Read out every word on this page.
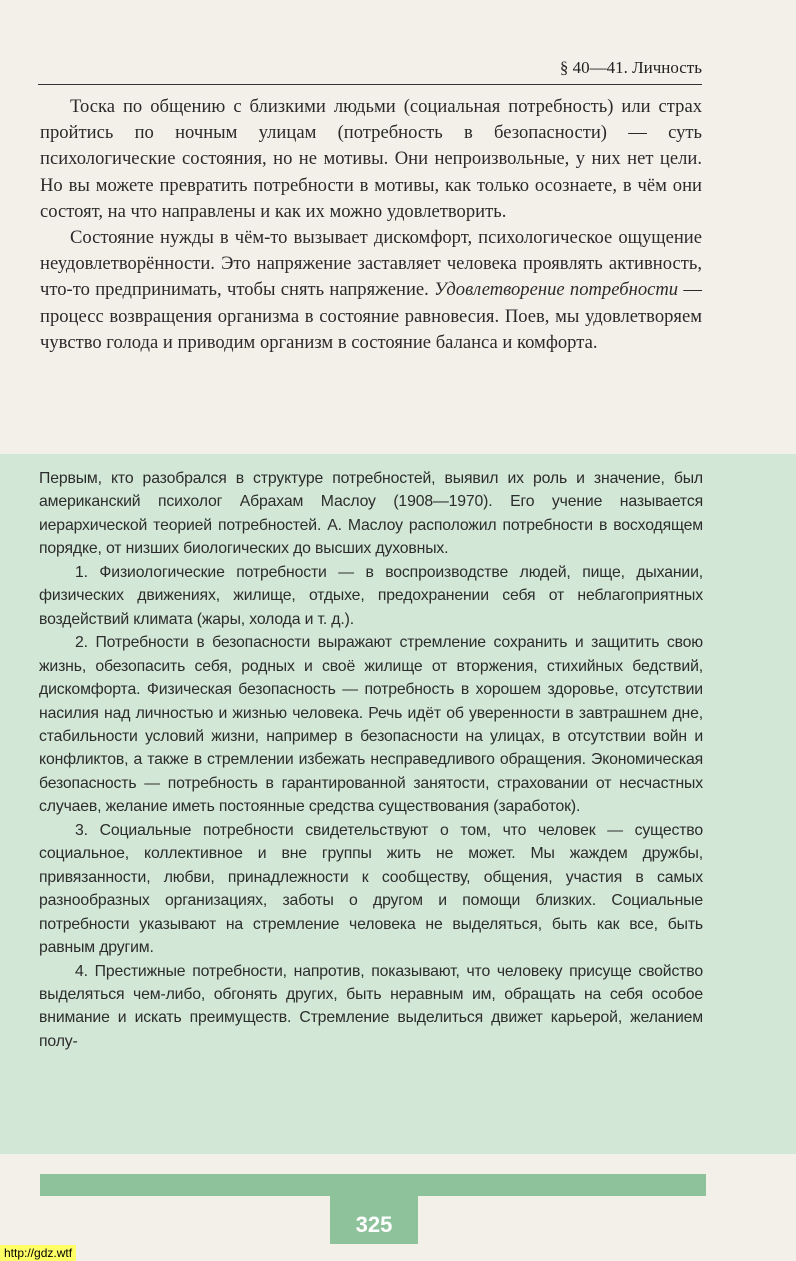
§ 40—41. Личность

Тоска по общению с близкими людьми (социальная потребность) или страх пройтись по ночным улицам (потребность в безопасности) — суть психологические состояния, но не мотивы. Они непроизвольные, у них нет цели. Но вы можете превратить потребности в мотивы, как только осознаете, в чём они состоят, на что направлены и как их можно удовлетворить.

Состояние нужды в чём-то вызывает дискомфорт, психологическое ощущение неудовлетворённости. Это напряжение заставляет человека проявлять активность, что-то предпринимать, чтобы снять напряжение. Удовлетворение потребности — процесс возвращения организма в состояние равновесия. Поев, мы удовлетворяем чувство голода и приводим организм в состояние баланса и комфорта.

Первым, кто разобрался в структуре потребностей, выявил их роль и значение, был американский психолог Абрахам Маслоу (1908—1970). Его учение называется иерархической теорией потребностей. А. Маслоу расположил потребности в восходящем порядке, от низших биологических до высших духовных.

1. Физиологические потребности — в воспроизводстве людей, пище, дыхании, физических движениях, жилище, отдыхе, предохранении себя от неблагоприятных воздействий климата (жары, холода и т. д.).

2. Потребности в безопасности выражают стремление сохранить и защитить свою жизнь, обезопасить себя, родных и своё жилище от вторжения, стихийных бедствий, дискомфорта. Физическая безопасность — потребность в хорошем здоровье, отсутствии насилия над личностью и жизнью человека. Речь идёт об уверенности в завтрашнем дне, стабильности условий жизни, например в безопасности на улицах, в отсутствии войн и конфликтов, а также в стремлении избежать несправедливого обращения. Экономическая безопасность — потребность в гарантированной занятости, страховании от несчастных случаев, желание иметь постоянные средства существования (заработок).

3. Социальные потребности свидетельствуют о том, что человек — существо социальное, коллективное и вне группы жить не может. Мы жаждем дружбы, привязанности, любви, принадлежности к сообществу, общения, участия в самых разнообразных организациях, заботы о другом и помощи близких. Социальные потребности указывают на стремление человека не выделяться, быть как все, быть равным другим.

4. Престижные потребности, напротив, показывают, что человеку присуще свойство выделяться чем-либо, обгонять других, быть неравным им, обращать на себя особое внимание и искать преимуществ. Стремление выделиться движет карьерой, желанием полу-

325
http://gdz.wtf
